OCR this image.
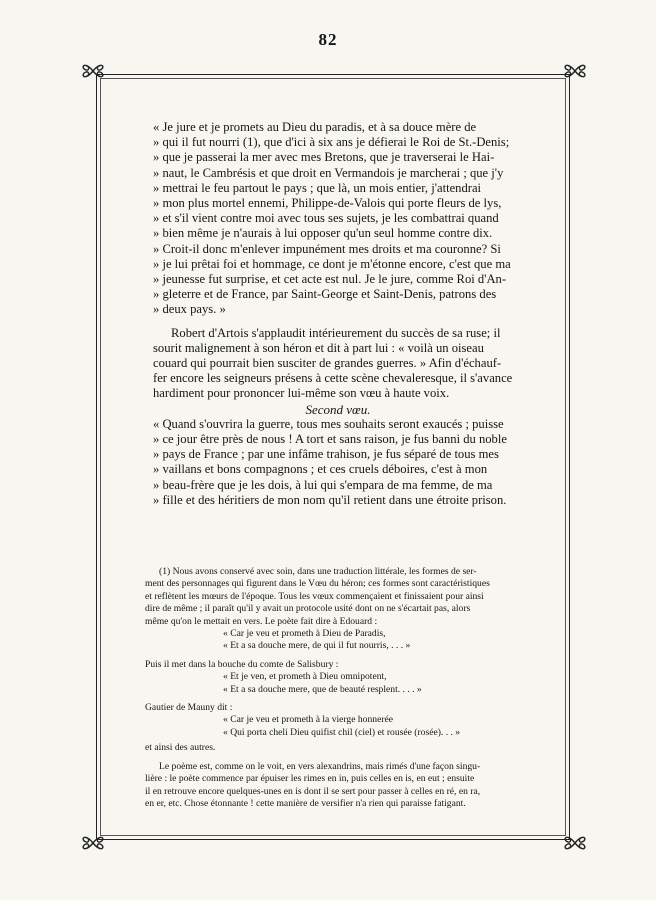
82

« Je jure et je promets au Dieu du paradis, et à sa douce mère de
» qui il fut nourri (1), que d'ici à six ans je défierai le Roi de St.-Denis;
» que je passerai la mer avec mes Bretons, que je traverserai le Hai-
» naut, le Cambrésis et que droit en Vermandois je marcherai ; que j'y
» mettrai le feu partout le pays ; que là, un mois entier, j'attendrai
» mon plus mortel ennemi, Philippe-de-Valois qui porte fleurs de lys,
» et s'il vient contre moi avec tous ses sujets, je les combattrai quand
» bien même je n'aurais à lui opposer qu'un seul homme contre dix.
» Croit-il donc m'enlever impunément mes droits et ma couronne? Si
» je lui prêtai foi et hommage, ce dont je m'étonne encore, c'est que ma
» jeunesse fut surprise, et cet acte est nul. Je le jure, comme Roi d'An-
» gleterre et de France, par Saint-George et Saint-Denis, patrons des
» deux pays. »

Robert d'Artois s'applaudit intérieurement du succès de sa ruse; il
sourit malignement à son héron et dit à part lui : « voilà un oiseau
couard qui pourrait bien susciter de grandes guerres. » Afin d'échauf-
fer encore les seigneurs présens à cette scène chevaleresque, il s'avance
hardiment pour prononcer lui-même son vœu à haute voix.

Second vœu.

« Quand s'ouvrira la guerre, tous mes souhaits seront exaucés ; puisse
» ce jour être près de nous ! A tort et sans raison, je fus banni du noble
» pays de France ; par une infâme trahison, je fus séparé de tous mes
» vaillans et bons compagnons ; et ces cruels déboires, c'est à mon
» beau-frère que je les dois, à lui qui s'empara de ma femme, de ma
» fille et des héritiers de mon nom qu'il retient dans une étroite prison.

(1) Nous avons conservé avec soin, dans une traduction littérale, les formes de ser-
ment des personnages qui figurent dans le Vœu du héron; ces formes sont caractéristiques
et reflètent les mœurs de l'époque. Tous les vœux commençaient et finissaient pour ainsi
dire de même ; il paraît qu'il y avait un protocole usité dont on ne s'écartait pas, alors
même qu'on le mettait en vers. Le poète fait dire à Edouard :

« Car je veu et prometh à Dieu de Paradis,
« Et a sa douche mere, de qui il fut nourris, . . . »

Puis il met dans la bouche du comte de Salisbury :

« Et je ven, et prometh à Dieu omnipotent,
« Et a sa douche mere, que de beauté resplent. . . . »

Gautier de Mauny dit :

« Car je veu et prometh à la vierge honnerée
« Qui porta cheli Dieu quifist chil (ciel) et rousée (rosée). . . »

et ainsi des autres.

Le poème est, comme on le voit, en vers alexandrins, mais rimés d'une façon singu-
lière : le poète commence par épuiser les rimes en in, puis celles en is, en eut ; ensuite
il en retrouve encore quelques-unes en is dont il se sert pour passer à celles en ré, en ra,
en er, etc. Chose étonnante ! cette manière de versifier n'a rien qui paraisse fatigant.
